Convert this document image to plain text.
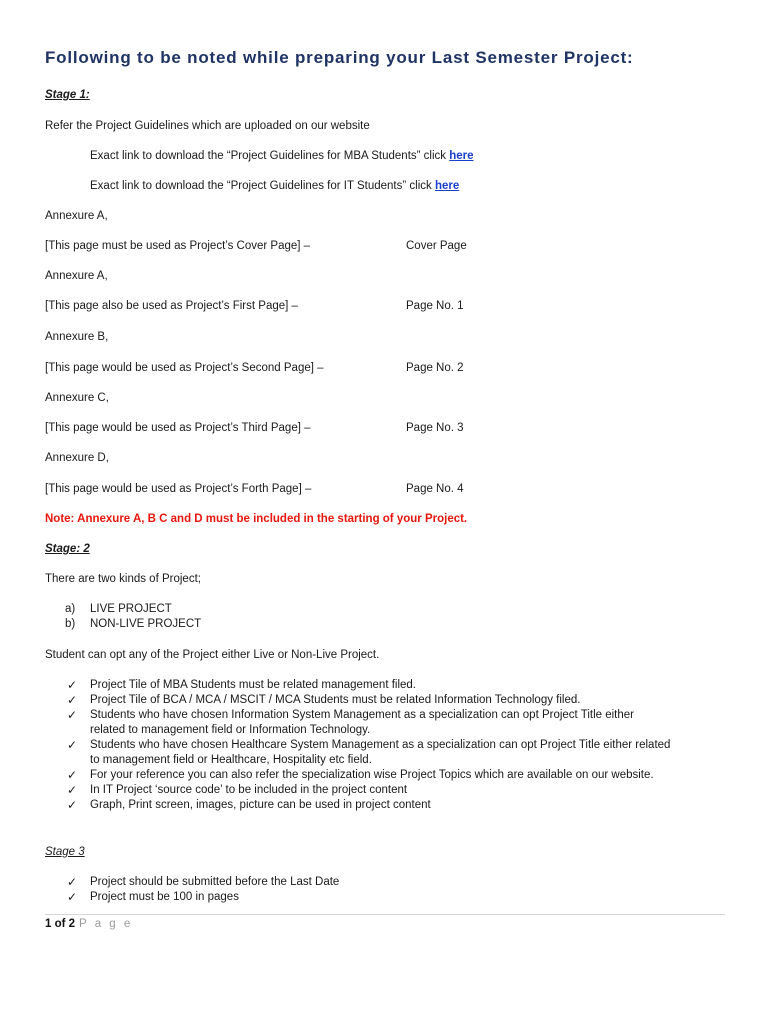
Following to be noted while preparing your Last Semester Project:
Stage 1:
Refer the Project Guidelines which are uploaded on our website
Exact link to download the “Project Guidelines for MBA Students” click here
Exact link to download the “Project Guidelines for IT Students” click here
Annexure A,
[This page must be used as Project’s Cover Page] –	Cover Page
Annexure A,
[This page also be used as Project’s First Page] –	Page No. 1
Annexure B,
[This page would be used as Project’s Second Page] –	Page No. 2
Annexure C,
[This page would be used as Project’s Third Page] –	Page No. 3
Annexure D,
[This page would be used as Project’s Forth Page] –	Page No. 4
Note: Annexure A, B C and D must be included in the starting of your Project.
Stage: 2
There are two kinds of Project;
a) LIVE PROJECT
b) NON-LIVE PROJECT
Student can opt any of the Project either Live or Non-Live Project.
✓ Project Tile of MBA Students must be related management filed.
✓ Project Tile of BCA / MCA / MSCIT / MCA Students must be related Information Technology filed.
✓ Students who have chosen Information System Management as a specialization can opt Project Title either
related to management field or Information Technology.
✓ Students who have chosen Healthcare System Management as a specialization can opt Project Title either related
to management field or Healthcare, Hospitality etc field.
✓ For your reference you can also refer the specialization wise Project Topics which are available on our website.
✓ In IT Project ‘source code’ to be included in the project content
✓ Graph, Print screen, images, picture can be used in project content
Stage 3
✓ Project should be submitted before the Last Date
✓ Project must be 100 in pages
1 of 2 P a g e
